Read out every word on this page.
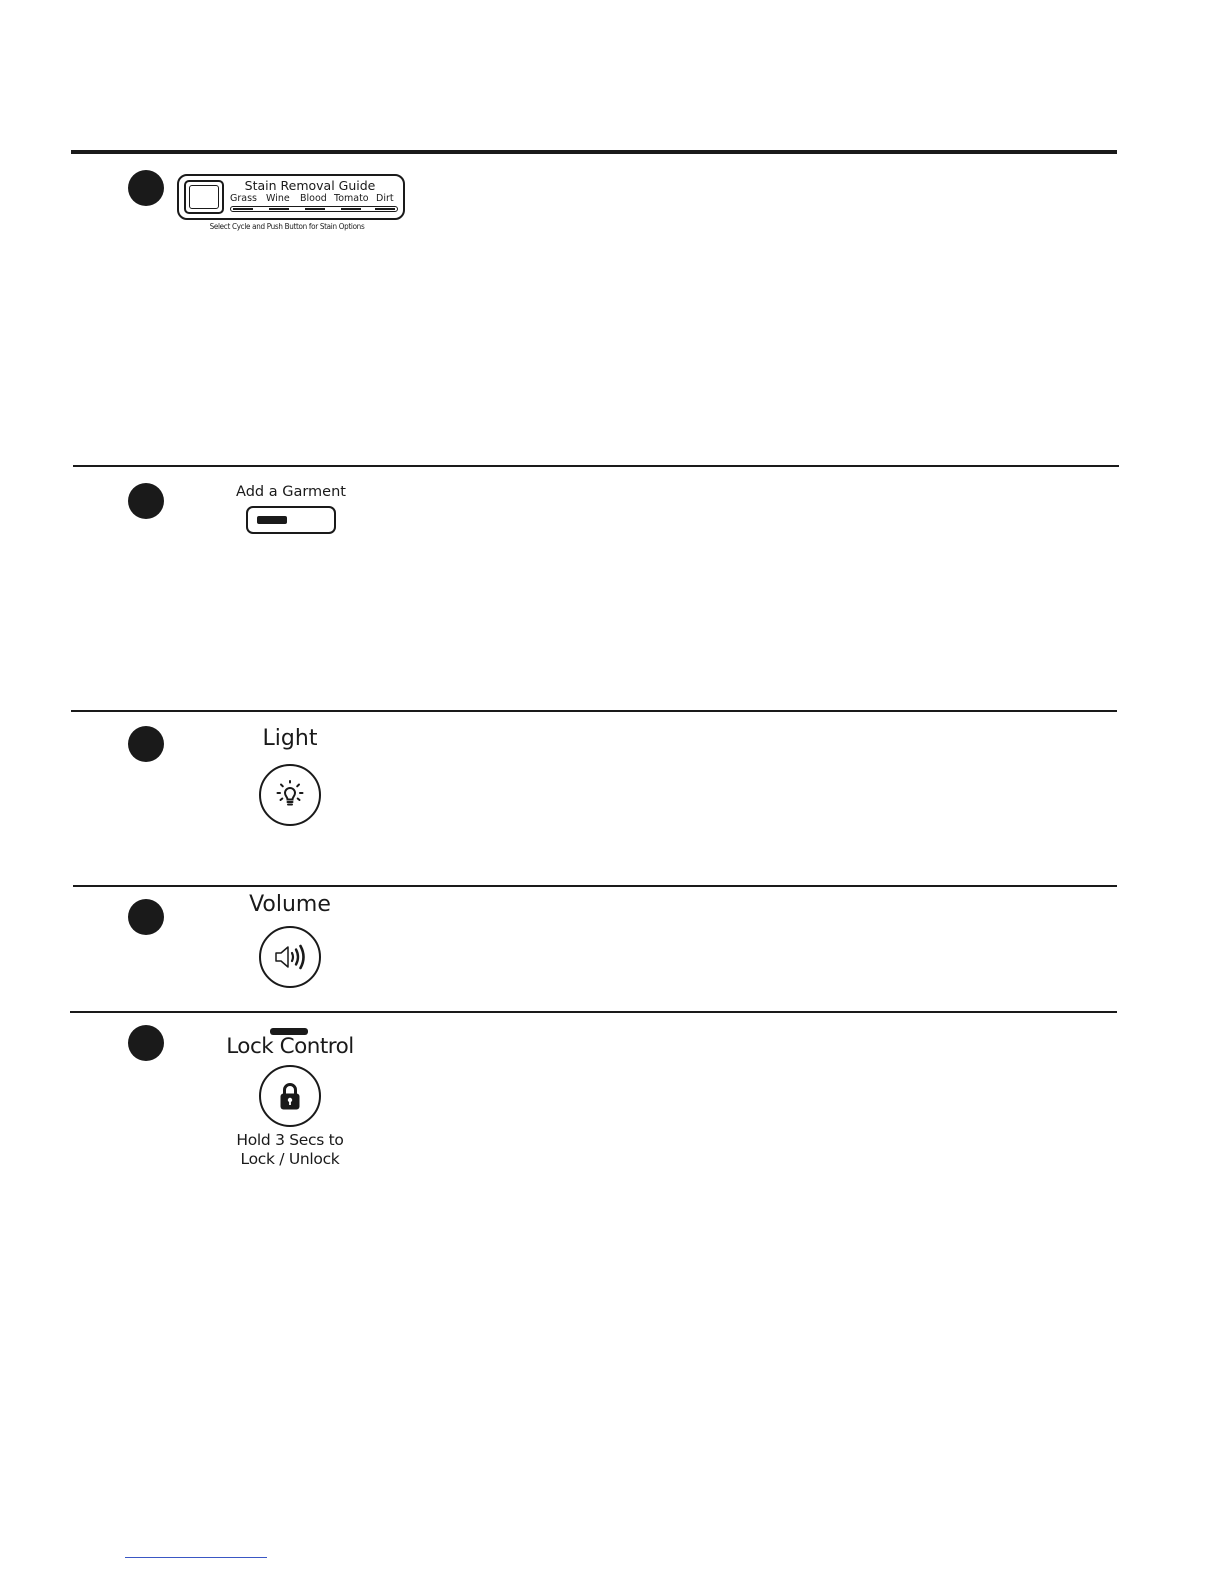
Stain Removal Guide
Grass Wine Blood Tomato Dirt
Select Cycle and Push Button for Stain Options
Add a Garment
Light
Volume
Lock Control
Hold 3 Secs to
Lock / Unlock
